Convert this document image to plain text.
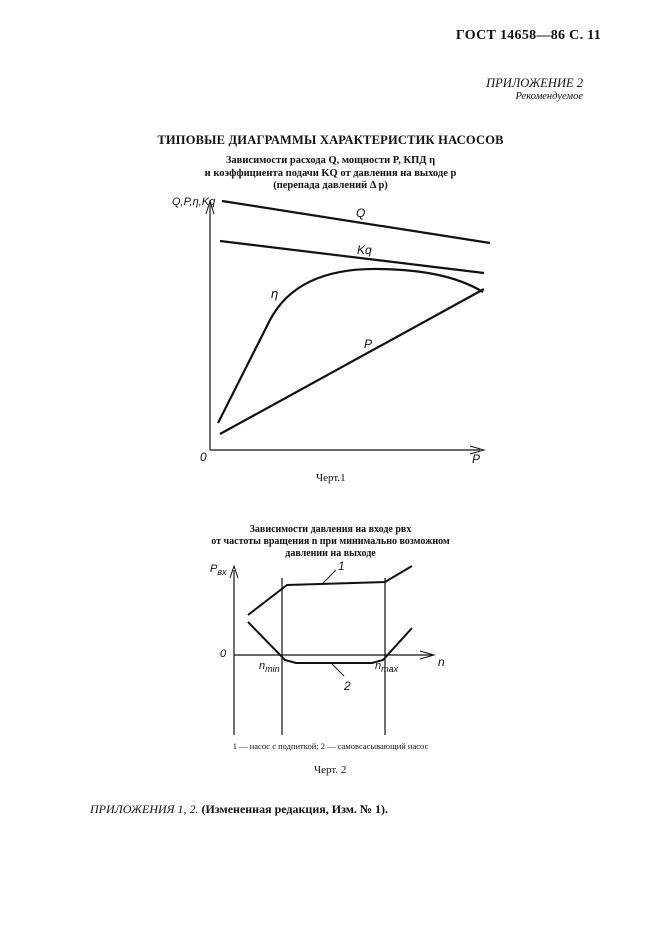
ГОСТ 14658—86 С. 11
ПРИЛОЖЕНИЕ 2
Рекомендуемое
ТИПОВЫЕ ДИАГРАММЫ ХАРАКТЕРИСТИК НАСОСОВ
Зависимости расхода Q, мощности P, КПД η
и коэффициента подачи KQ от давления на выходе p
(перепада давлений Δ p)
Q,P,η,Kq
P
0
Q
Kq
η
P
Черт.1
Зависимости давления на входе pвх
от частоты вращения n при минимально возможном
давлении на выходе
$P_{вх}$
n
0
$n_{min}$	$n_{max}$
1
2
1 — насос с подпиткой; 2 — самовсасывающий насос
Черт. 2
ПРИЛОЖЕНИЯ 1, 2. (Измененная редакция, Изм. № 1).
